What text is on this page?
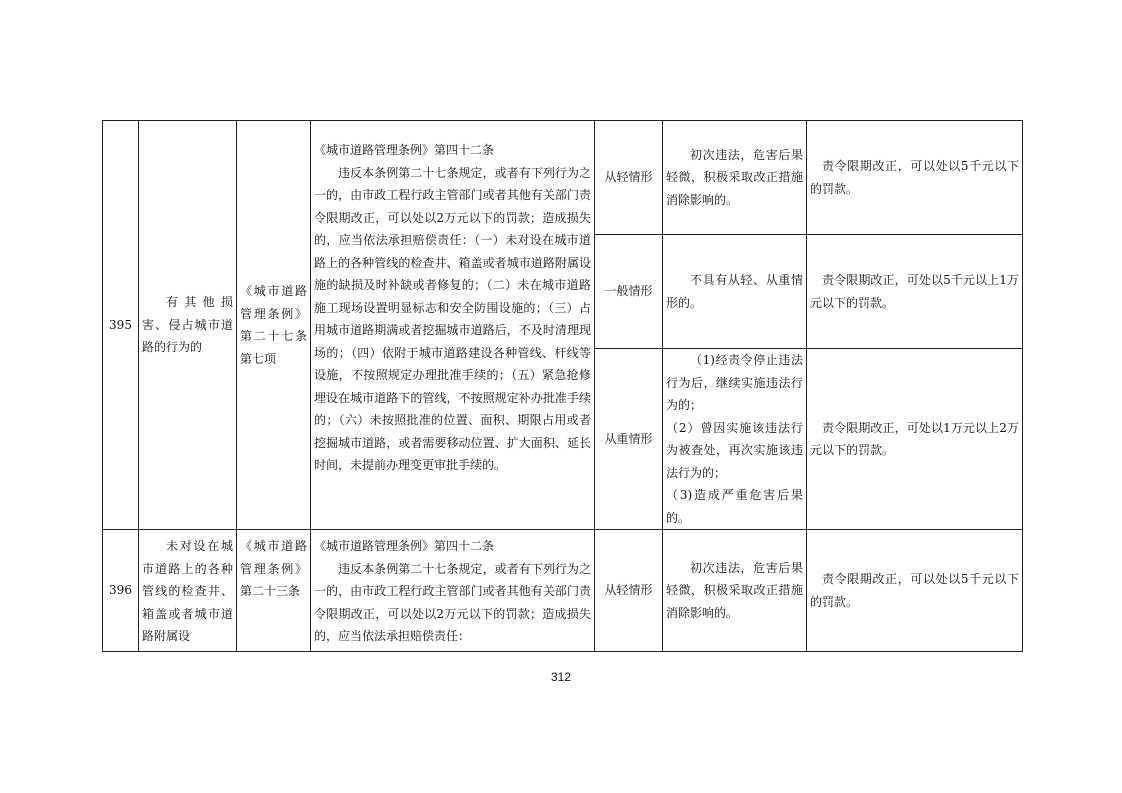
395	有其他损害、侵占城市道路的行为的	《城市道路管理条例》第二十七条第七项	《城市道路管理条例》第四十二条

违反本条例第二十七条规定，或者有下列行为之一的，由市政工程行政主管部门或者其他有关部门责令限期改正，可以处以2万元以下的罚款；造成损失的，应当依法承担赔偿责任：（一）未对设在城市道路上的各种管线的检查井、箱盖或者城市道路附属设施的缺损及时补缺或者修复的；（二）未在城市道路施工现场设置明显标志和安全防围设施的；（三）占用城市道路期满或者挖掘城市道路后，不及时清理现场的；（四）依附于城市道路建设各种管线、杆线等设施，不按照规定办理批准手续的；（五）紧急抢修埋设在城市道路下的管线，不按照规定补办批准手续的；（六）未按照批准的位置、面积、期限占用或者挖掘城市道路，或者需要移动位置、扩大面积、延长时间，未提前办理变更审批手续的。	从轻情形	初次违法，危害后果轻微，积极采取改正措施消除影响的。	责令限期改正，可以处以5千元以下的罚款。
				一般情形	不具有从轻、从重情形的。	责令限期改正，可处以5千元以上1万元以下的罚款。
				从重情形	（1)经责令停止违法行为后，继续实施违法行为的；
（2）曾因实施该违法行为被查处，再次实施该违法行为的；
（3)造成严重危害后果的。	责令限期改正，可处以1万元以上2万元以下的罚款。
396	未对设在城市道路上的各种管线的检查井、箱盖或者城市道路附属设	《城市道路管理条例》第二十三条	《城市道路管理条例》第四十二条

违反本条例第二十七条规定，或者有下列行为之一的，由市政工程行政主管部门或者其他有关部门责令限期改正，可以处以2万元以下的罚款；造成损失的，应当依法承担赔偿责任：	从轻情形	初次违法，危害后果轻微，积极采取改正措施消除影响的。	责令限期改正，可以处以5千元以下的罚款。
312
